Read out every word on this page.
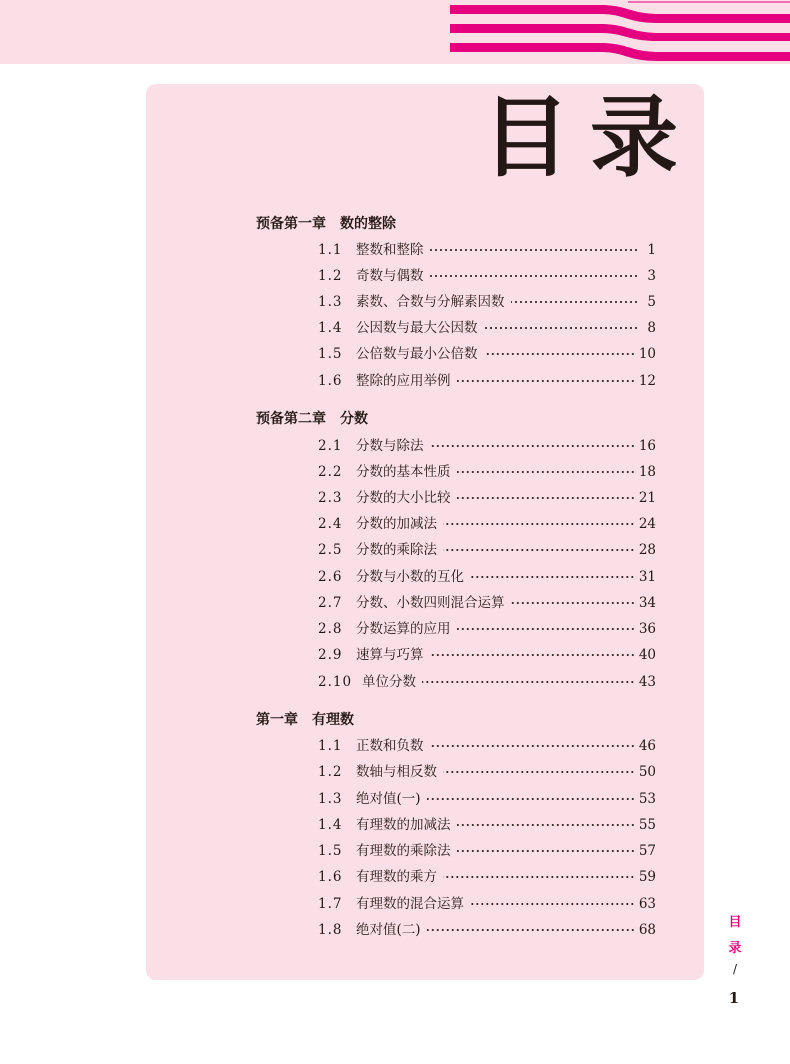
目录
预备第一章 数的整除
1.1	整数和整除	1
1.2	奇数与偶数	3
1.3	素数、合数与分解素因数	5
1.4	公因数与最大公因数	8
1.5	公倍数与最小公倍数	10
1.6	整除的应用举例	12
预备第二章 分数
2.1	分数与除法	16
2.2	分数的基本性质	18
2.3	分数的大小比较	21
2.4	分数的加减法	24
2.5	分数的乘除法	28
2.6	分数与小数的互化	31
2.7	分数、小数四则混合运算	34
2.8	分数运算的应用	36
2.9	速算与巧算	40
2.10 单位分数	43
第一章 有理数
1.1	正数和负数	46
1.2	数轴与相反数	50
1.3	绝对值(一)	53
1.4	有理数的加减法	55
1.5	有理数的乘除法	57
1.6	有理数的乘方	59
1.7	有理数的混合运算	63
1.8	绝对值(二)	68	目
录
/
1
